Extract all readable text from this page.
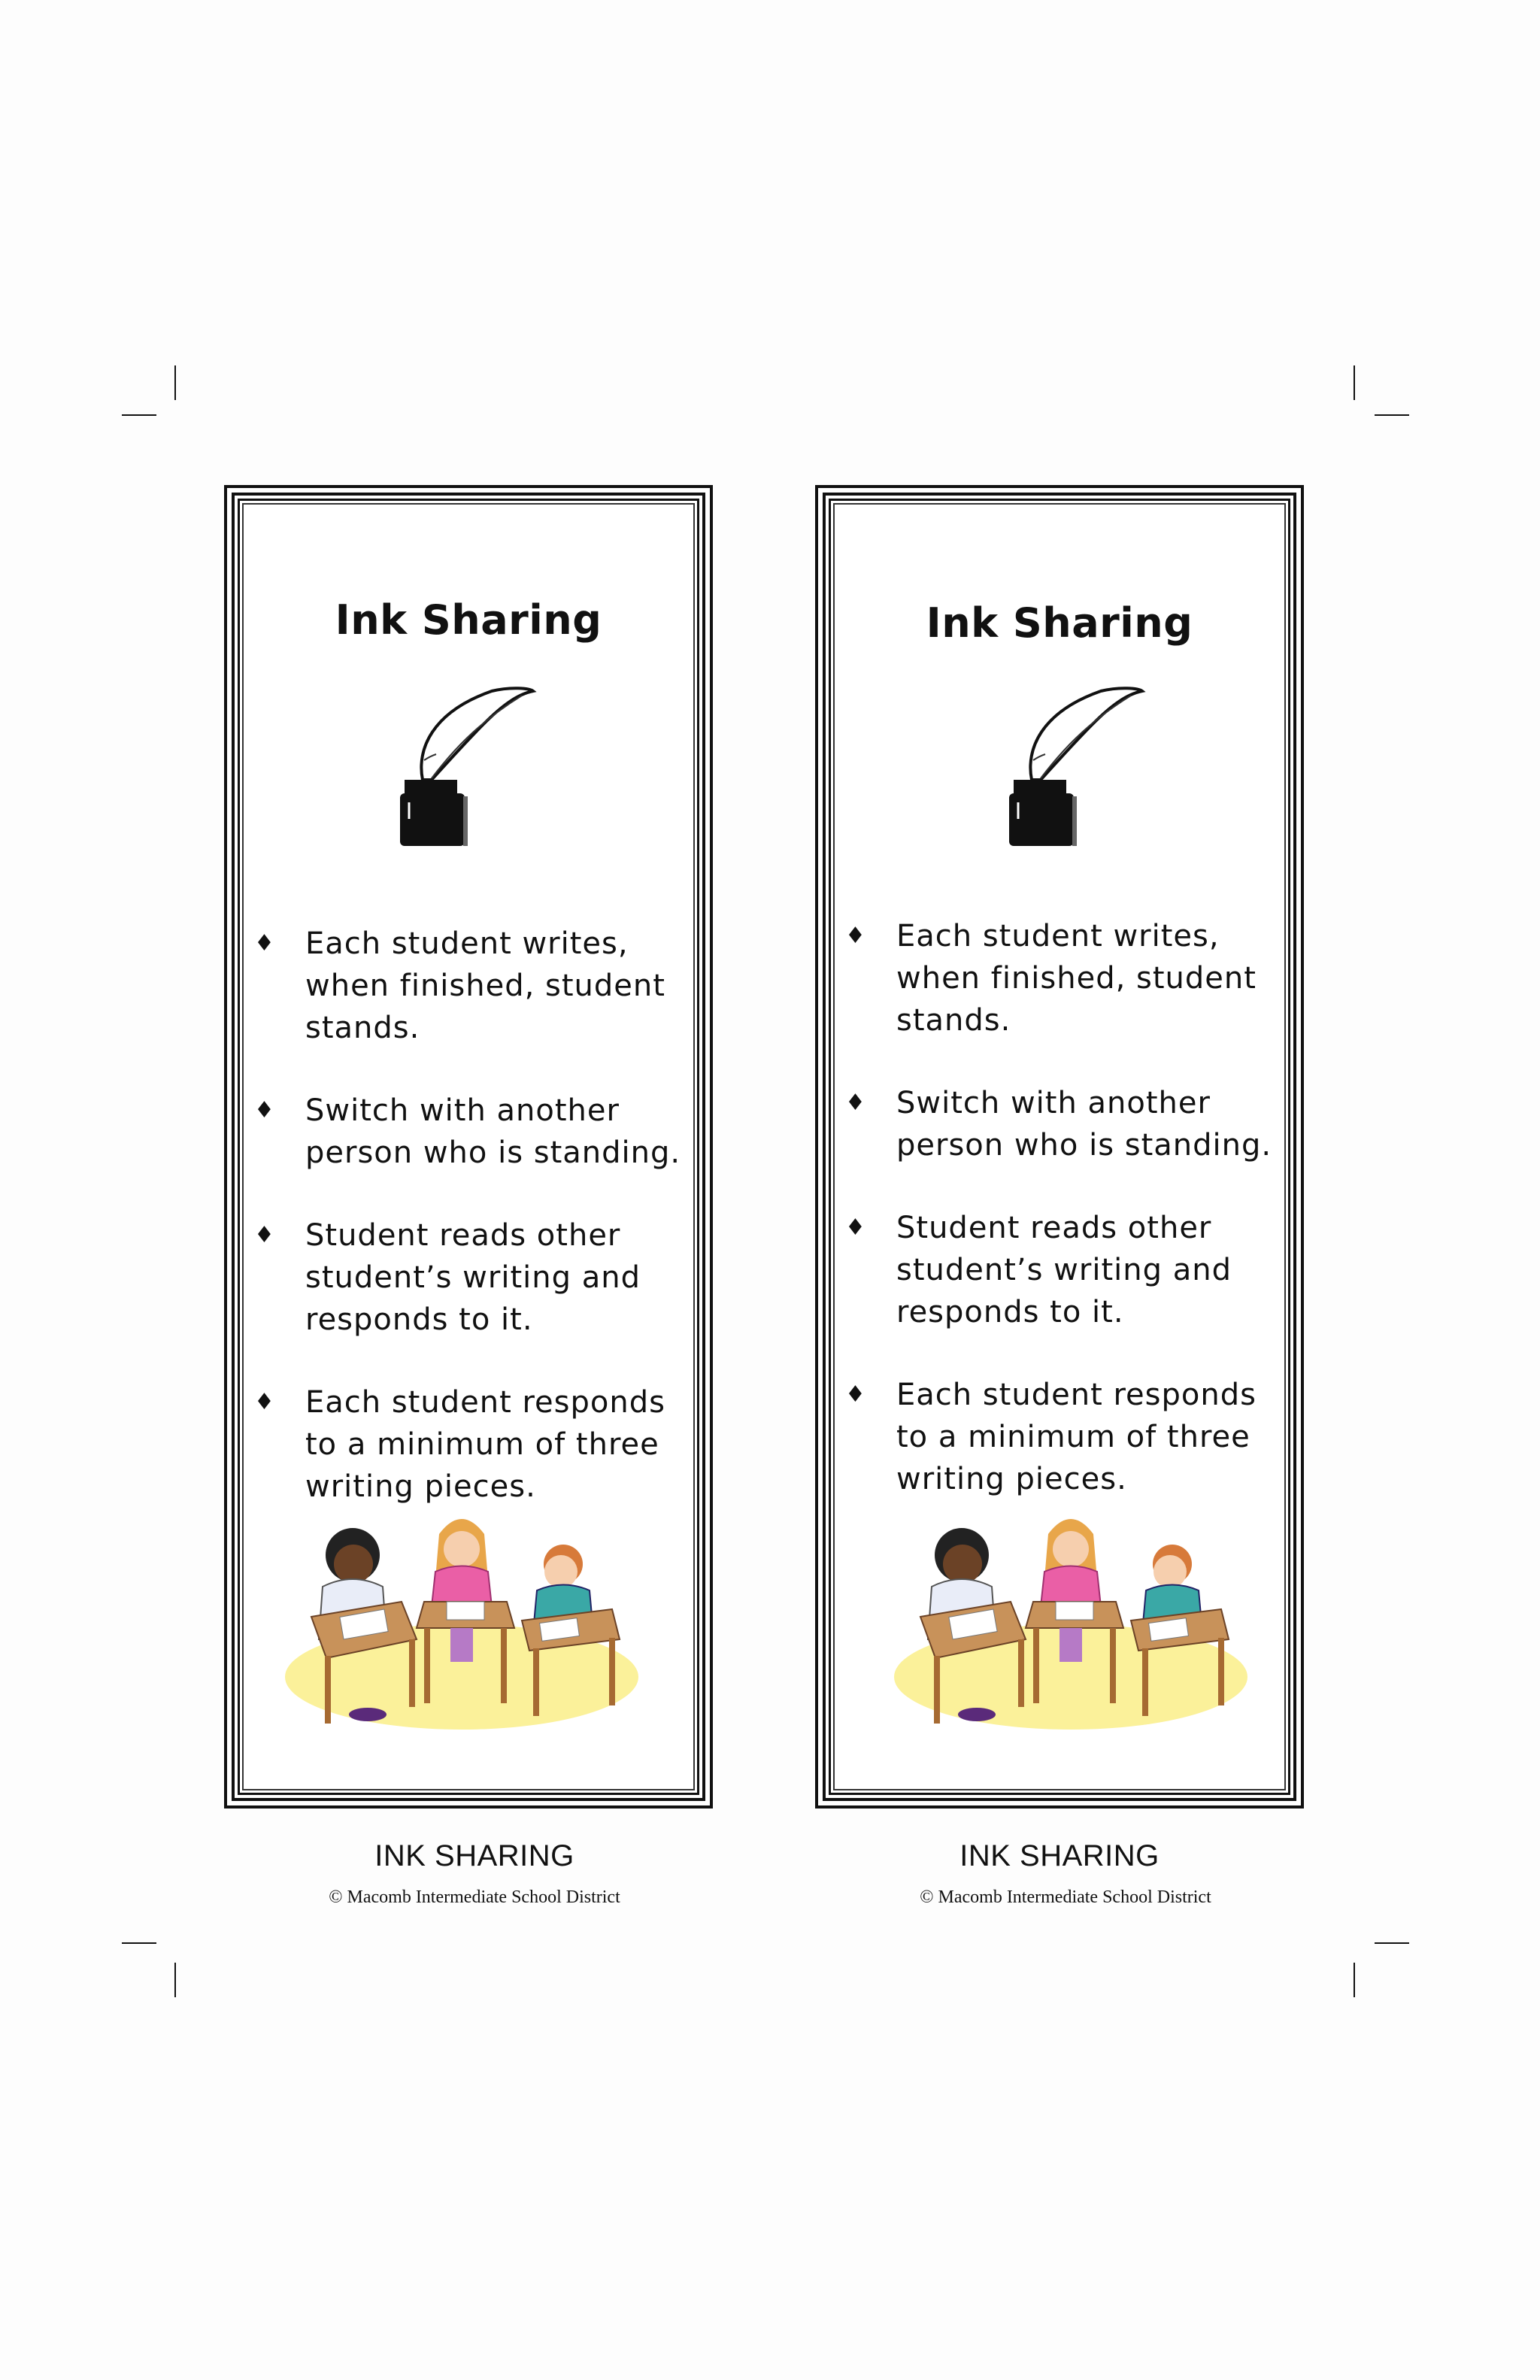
Ink Sharing
♦ Each student writes, when finished, student stands.
♦ Switch with another person who is standing.
♦ Student reads other student’s writing and responds to it.
♦ Each student responds to a minimum of three writing pieces.
INK SHARING
© Macomb Intermediate School District
Ink Sharing
♦ Each student writes, when finished, student stands.
♦ Switch with another person who is standing.
♦ Student reads other student’s writing and responds to it.
♦ Each student responds to a minimum of three writing pieces.
INK SHARING
© Macomb Intermediate School District
